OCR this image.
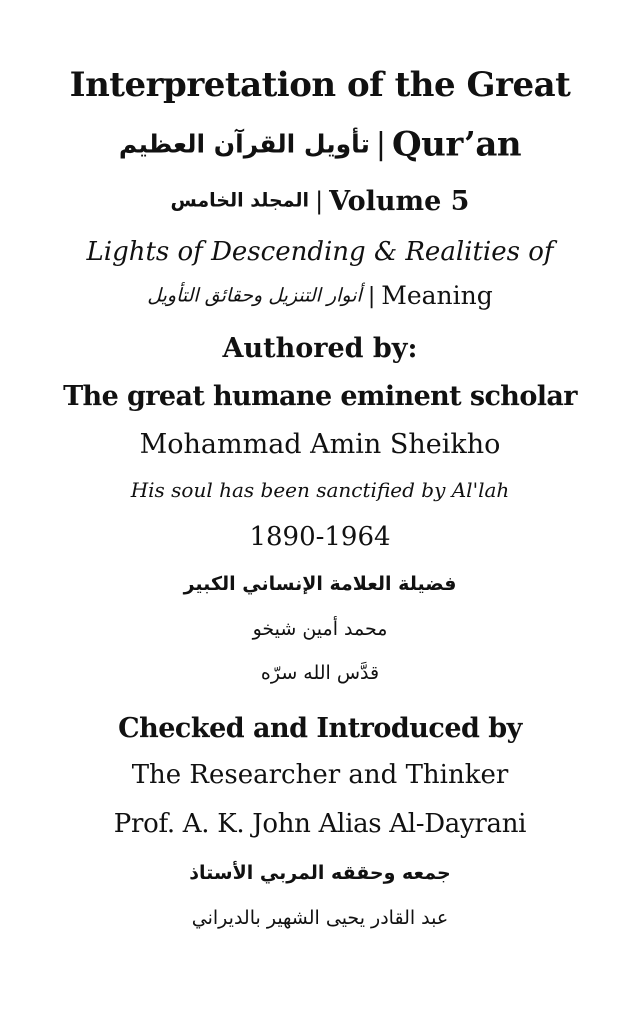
Interpretation of the Great
تأويل القرآن العظيم | Qur’an
المجلد الخامس | Volume 5
Lights of Descending & Realities of
أنوار التنزيل وحقائق التأويل | Meaning
Authored by:
The great humane eminent scholar
Mohammad Amin Sheikho
His soul has been sanctified by Al'lah
1890-1964
فضيلة العلامة الإنساني الكبير
محمد أمين شيخو
قدَّس الله سرّه
Checked and Introduced by
The Researcher and Thinker
Prof. A. K. John Alias Al-Dayrani
جمعه وحققه المربي الأستاذ
عبد القادر يحيى الشهير بالديراني
